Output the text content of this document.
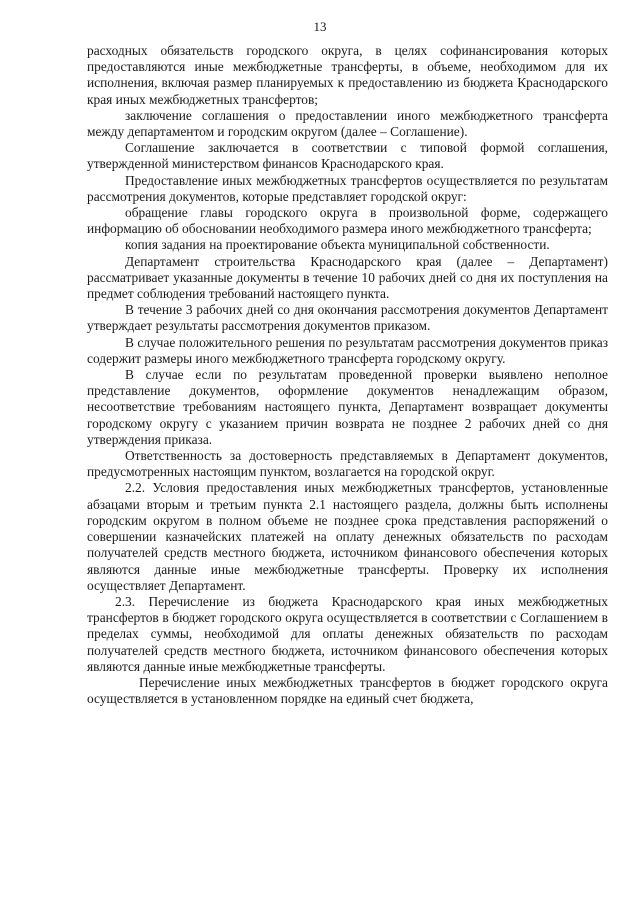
13

расходных обязательств городского округа, в целях софинансирования которых предоставляются иные межбюджетные трансферты, в объеме, необходимом для их исполнения, включая размер планируемых к предоставлению из бюджета Краснодарского края иных межбюджетных трансфертов;

заключение соглашения о предоставлении иного межбюджетного трансферта между департаментом и городским округом (далее – Соглашение).

Соглашение заключается в соответствии с типовой формой соглашения, утвержденной министерством финансов Краснодарского края.

Предоставление иных межбюджетных трансфертов осуществляется по результатам рассмотрения документов, которые представляет городской округ:

обращение главы городского округа в произвольной форме, содержащего информацию об обосновании необходимого размера иного межбюджетного трансферта;

копия задания на проектирование объекта муниципальной собственности.

Департамент строительства Краснодарского края (далее – Департамент) рассматривает указанные документы в течение 10 рабочих дней со дня их поступления на предмет соблюдения требований настоящего пункта.

В течение 3 рабочих дней со дня окончания рассмотрения документов Департамент утверждает результаты рассмотрения документов приказом.

В случае положительного решения по результатам рассмотрения документов приказ содержит размеры иного межбюджетного трансферта городскому округу.

В случае если по результатам проведенной проверки выявлено неполное представление документов, оформление документов ненадлежащим образом, несоответствие требованиям настоящего пункта, Департамент возвращает документы городскому округу с указанием причин возврата не позднее 2 рабочих дней со дня утверждения приказа.

Ответственность за достоверность представляемых в Департамент документов, предусмотренных настоящим пунктом, возлагается на городской округ.

2.2. Условия предоставления иных межбюджетных трансфертов, установленные абзацами вторым и третьим пункта 2.1 настоящего раздела, должны быть исполнены городским округом в полном объеме не позднее срока представления распоряжений о совершении казначейских платежей на оплату денежных обязательств по расходам получателей средств местного бюджета, источником финансового обеспечения которых являются данные иные межбюджетные трансферты. Проверку их исполнения осуществляет Департамент.

2.3. Перечисление из бюджета Краснодарского края иных межбюджетных трансфертов в бюджет городского округа осуществляется в соответствии с Соглашением в пределах суммы, необходимой для оплаты денежных обязательств по расходам получателей средств местного бюджета, источником финансового обеспечения которых являются данные иные межбюджетные трансферты.

Перечисление иных межбюджетных трансфертов в бюджет городского округа осуществляется в установленном порядке на единый счет бюджета,
